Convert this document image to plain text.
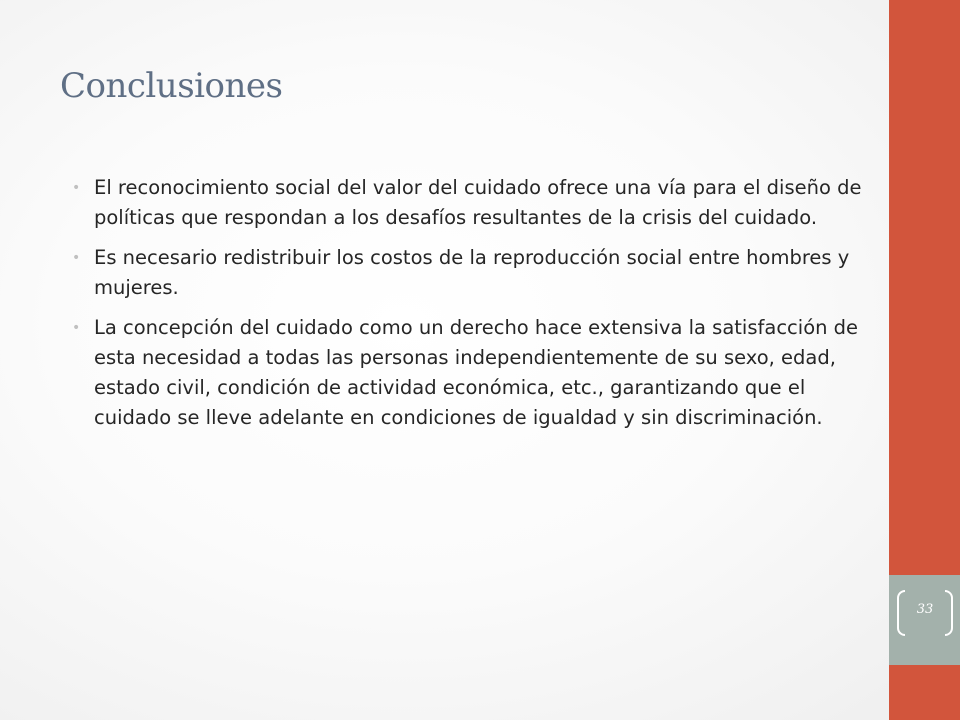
33
Conclusiones
• El reconocimiento social del valor del cuidado ofrece una vía para el diseño de políticas que respondan a los desafíos resultantes de la crisis del cuidado.
• Es necesario redistribuir los costos de la reproducción social entre hombres y mujeres.
• La concepción del cuidado como un derecho hace extensiva la satisfacción de esta necesidad a todas las personas independientemente de su sexo, edad, estado civil, condición de actividad económica, etc., garantizando que el cuidado se lleve adelante en condiciones de igualdad y sin discriminación.
